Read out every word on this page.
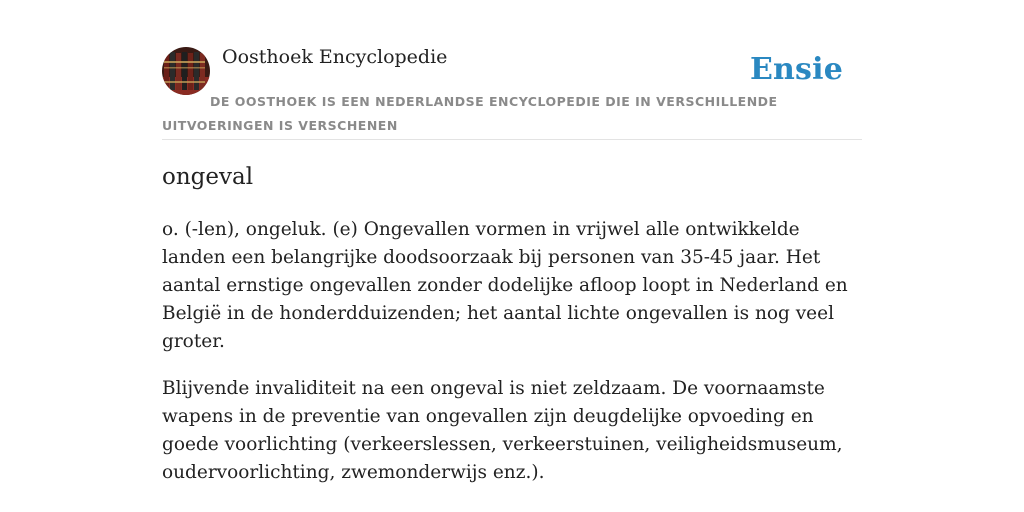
Oosthoek Encyclopedie	Ensie
DE OOSTHOEK IS EEN NEDERLANDSE ENCYCLOPEDIE DIE IN VERSCHILLENDE UITVOERINGEN IS VERSCHENEN
ongeval

o. (-len), ongeluk. (e) Ongevallen vormen in vrijwel alle ontwikkelde landen een belangrijke doodsoorzaak bij personen van 35-45 jaar. Het aantal ernstige ongevallen zonder dodelijke afloop loopt in Nederland en België in de honderdduizenden; het aantal lichte ongevallen is nog veel groter.

Blijvende invaliditeit na een ongeval is niet zeldzaam. De voornaamste wapens in de preventie van ongevallen zijn deugdelijke opvoeding en goede voorlichting (verkeerslessen, verkeerstuinen, veiligheidsmuseum, oudervoorlichting, zwemonderwijs enz.).
